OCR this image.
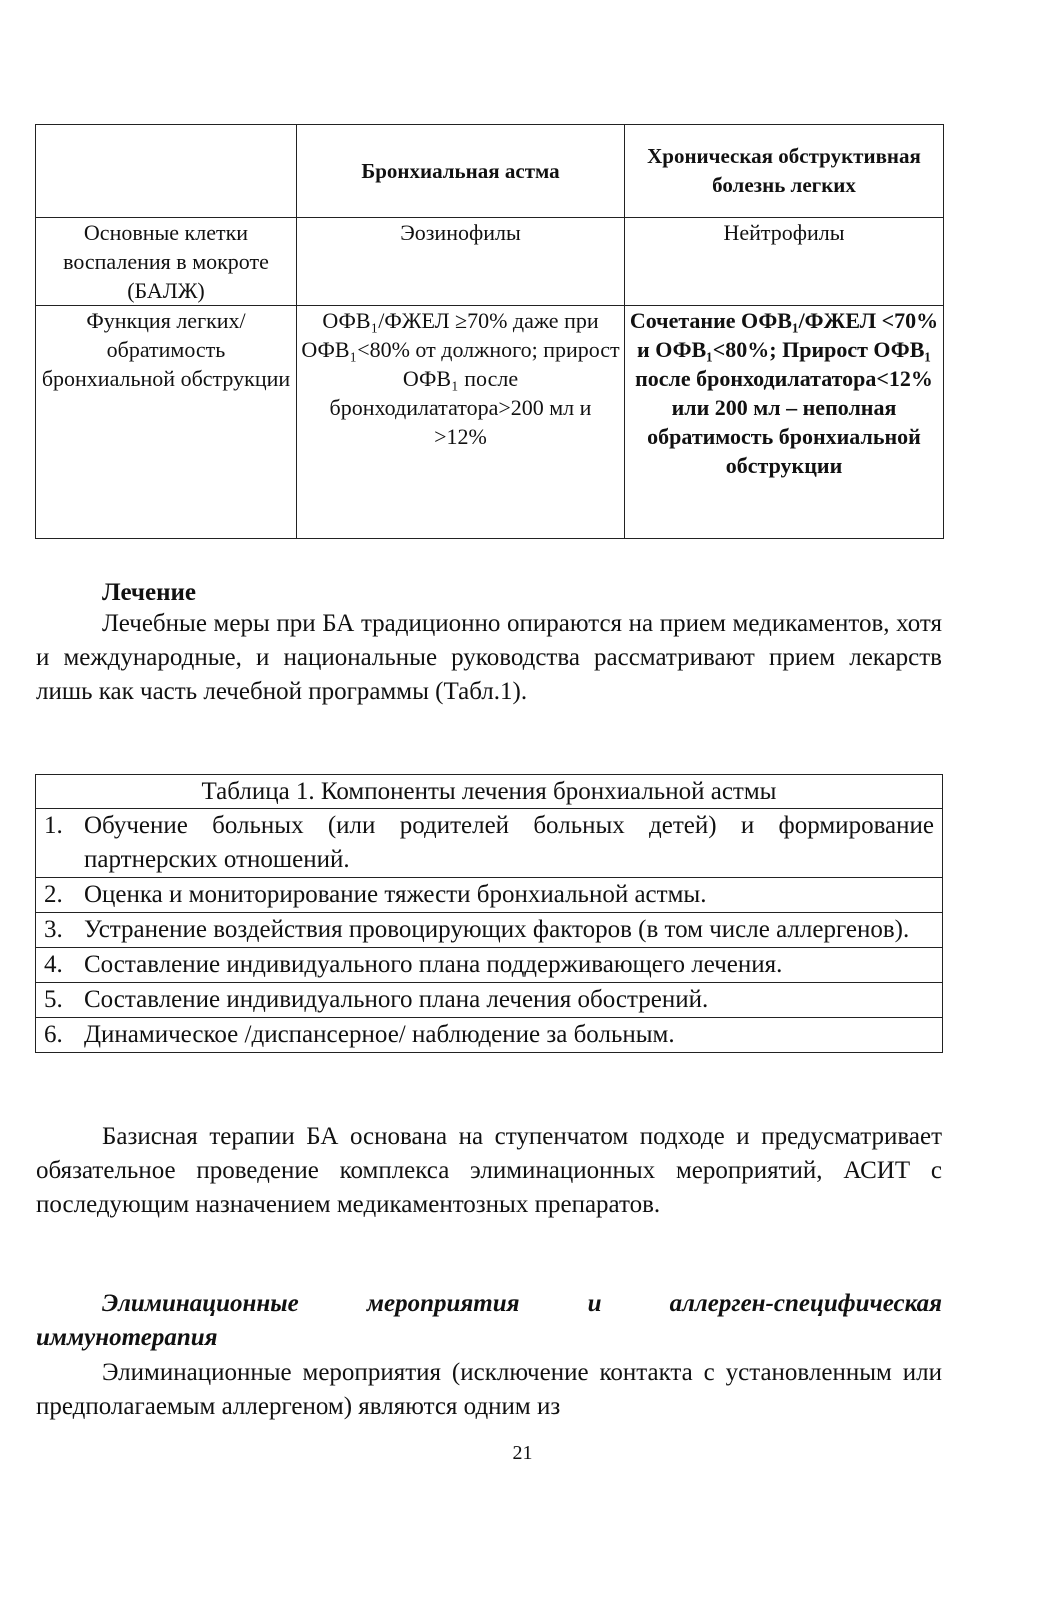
	Бронхиальная астма	Хроническая обструктивная болезнь легких
Основные клетки воспаления в мокроте (БАЛЖ)	Эозинофилы	Нейтрофилы
Функция легких/обратимость бронхиальной обструкции	ОФВ₁/ФЖЕЛ ≥70% даже при ОФВ₁<80% от должного; прирост ОФВ₁ после бронходилататора>200 мл и >12%	Сочетание ОФВ₁/ФЖЕЛ <70% и ОФВ₁<80%; Прирост ОФВ₁ после бронходилататора<12% или 200 мл – неполная обратимость бронхиальной обструкции
Лечение

Лечебные меры при БА традиционно опираются на прием медикаментов, хотя и международные, и национальные руководства рассматривают прием лекарств лишь как часть лечебной программы (Табл.1).

Таблица 1. Компоненты лечения бронхиальной астмы
1. Обучение больных (или родителей больных детей) и формирование партнерских отношений.
2. Оценка и мониторирование тяжести бронхиальной астмы.
3. Устранение воздействия провоцирующих факторов (в том числе аллергенов).
4. Составление индивидуального плана поддерживающего лечения.
5. Составление индивидуального плана лечения обострений.
6. Динамическое /диспансерное/ наблюдение за больным.

Базисная терапии БА основана на ступенчатом подходе и предусматривает обязательное проведение комплекса элиминационных мероприятий, АСИТ с последующим назначением медикаментозных препаратов.

Элиминационные мероприятия и аллерген-специфическая иммунотерапия

Элиминационные мероприятия (исключение контакта с установленным или предполагаемым аллергеном) являются одним из

21
